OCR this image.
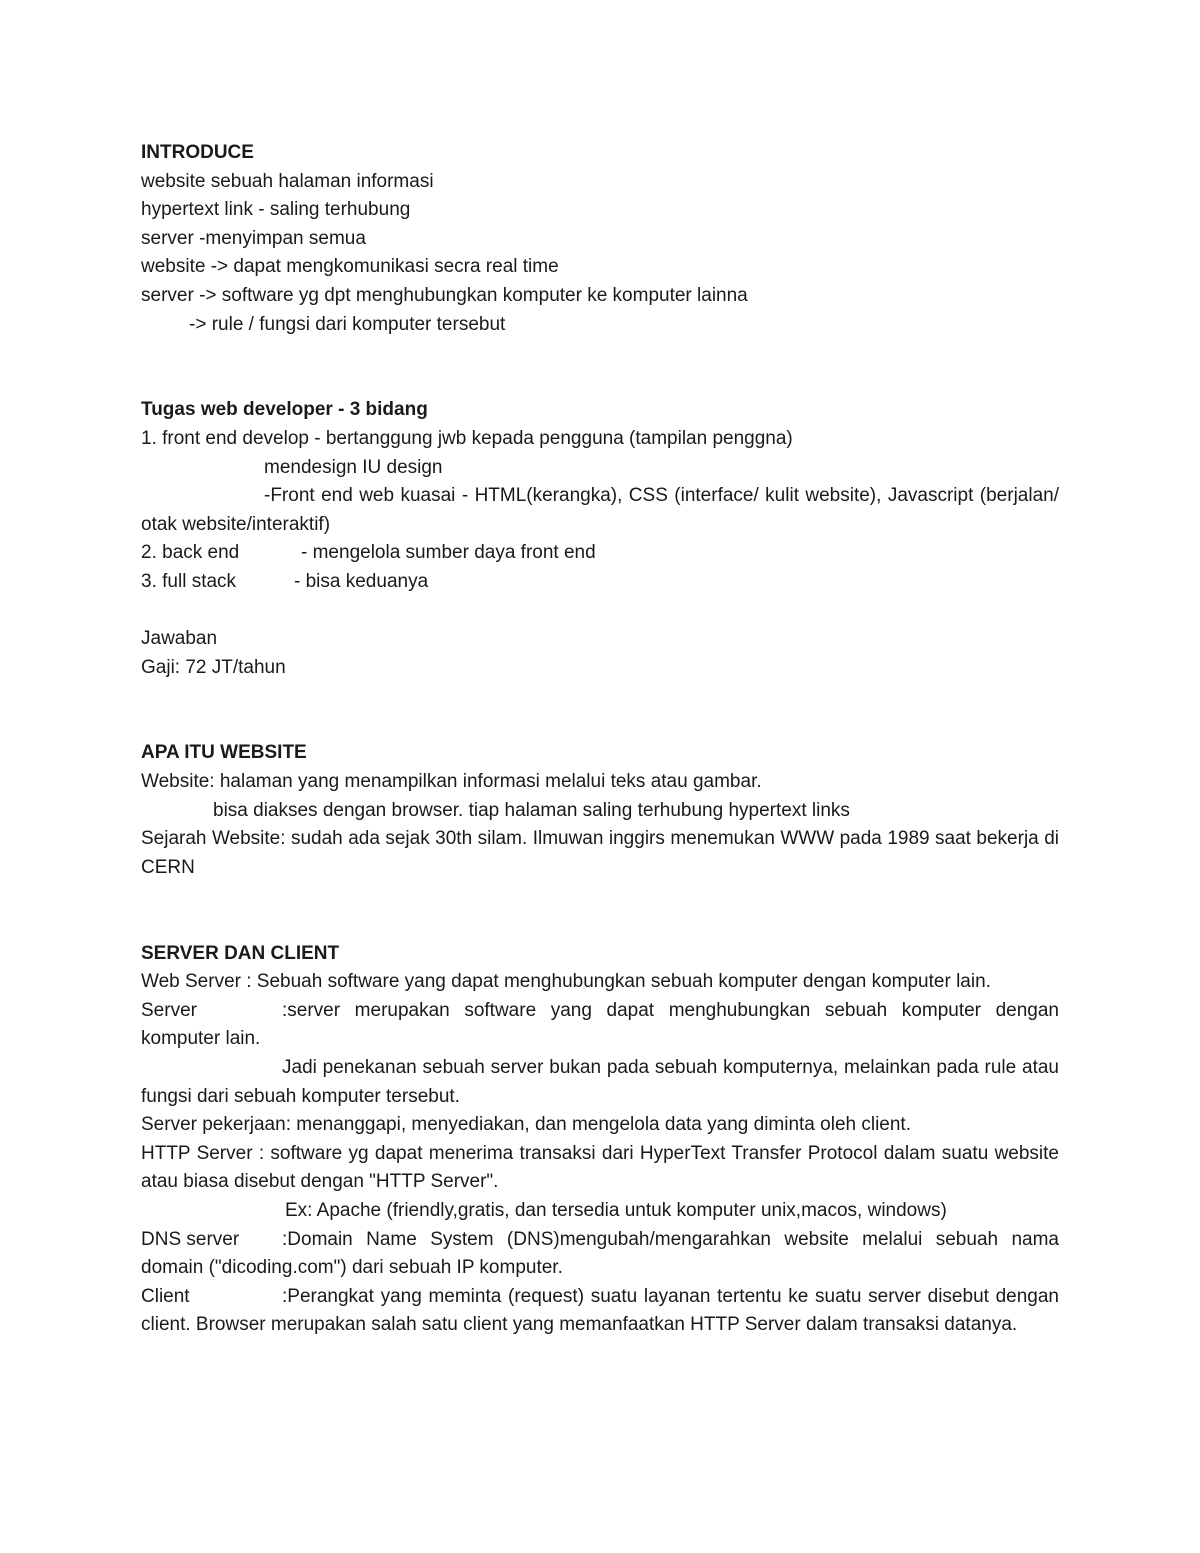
INTRODUCE
website sebuah halaman informasi
hypertext link - saling terhubung
server -menyimpan semua
website -> dapat mengkomunikasi secra real time
server -> software yg dpt menghubungkan komputer ke komputer lainna
-> rule / fungsi dari komputer tersebut
Tugas web developer - 3 bidang
1. front end develop - bertanggung jwb kepada pengguna (tampilan penggna)
mendesign IU design
-Front end web kuasai - HTML(kerangka), CSS (interface/ kulit website), Javascript (berjalan/ otak website/interaktif)
2. back end	- mengelola sumber daya front end
3. full stack	- bisa keduanya
Jawaban
Gaji: 72 JT/tahun
APA ITU WEBSITE
Website: halaman yang menampilkan informasi melalui teks atau gambar.
bisa diakses dengan browser. tiap halaman saling terhubung hypertext links
Sejarah Website: sudah ada sejak 30th silam. Ilmuwan inggirs menemukan WWW pada 1989 saat bekerja di CERN
SERVER DAN CLIENT
Web Server : Sebuah software yang dapat menghubungkan sebuah komputer dengan komputer lain.
Server	:server merupakan software yang dapat menghubungkan sebuah komputer dengan komputer lain.
Jadi penekanan sebuah server bukan pada sebuah komputernya, melainkan pada rule atau fungsi dari sebuah komputer tersebut.
Server pekerjaan: menanggapi, menyediakan, dan mengelola data yang diminta oleh client.
HTTP Server : software yg dapat menerima transaksi dari HyperText Transfer Protocol dalam suatu website atau biasa disebut dengan "HTTP Server".
Ex: Apache (friendly,gratis, dan tersedia untuk komputer unix,macos, windows)
DNS server :Domain Name System (DNS)mengubah/mengarahkan website melalui sebuah nama domain ("dicoding.com") dari sebuah IP komputer.
Client	:Perangkat yang meminta (request) suatu layanan tertentu ke suatu server disebut dengan client. Browser merupakan salah satu client yang memanfaatkan HTTP Server dalam transaksi datanya.
